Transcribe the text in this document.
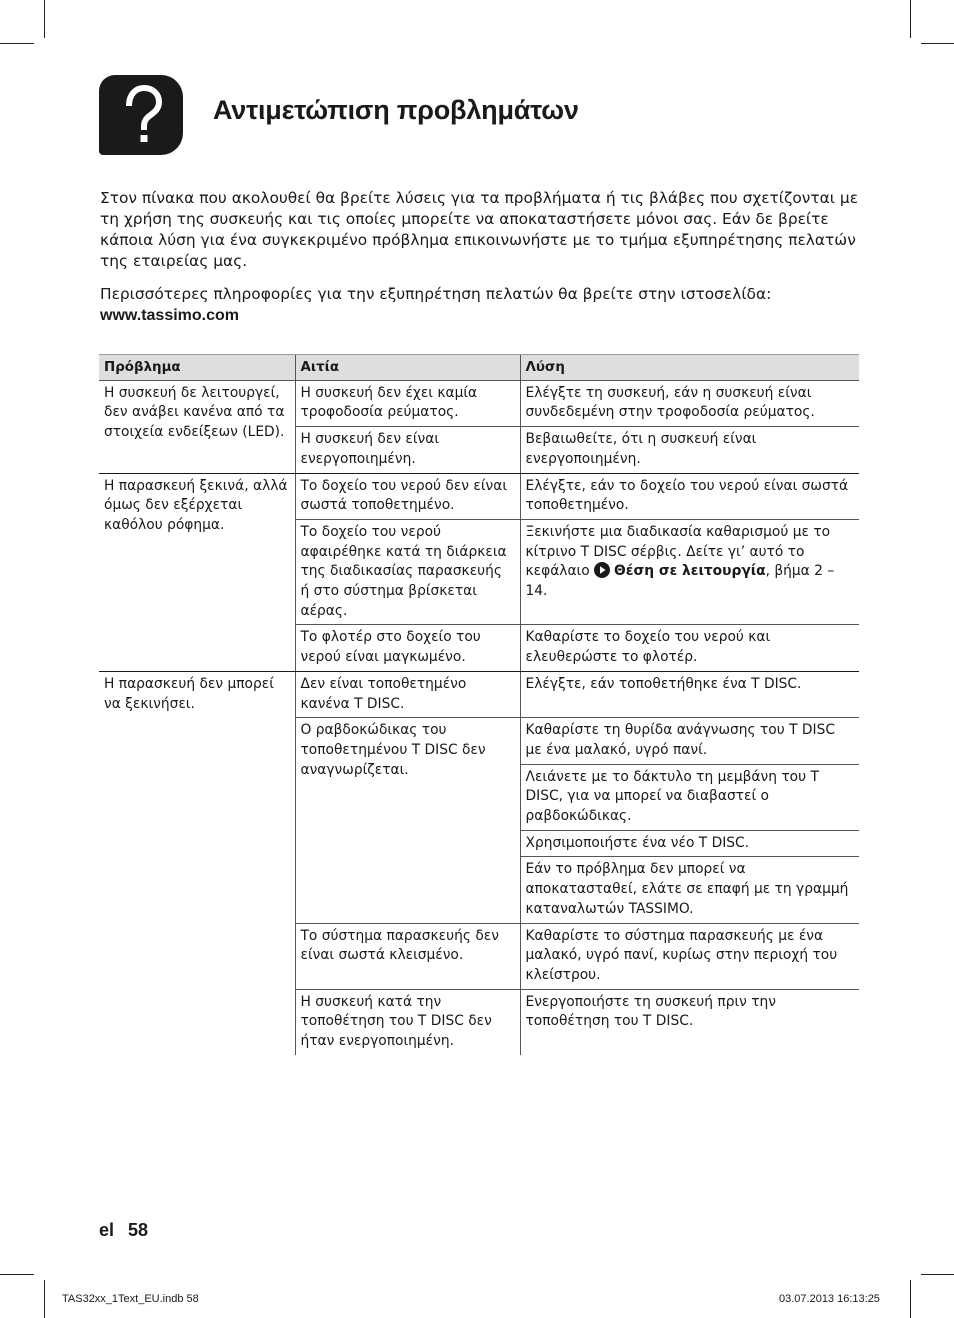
Αντιμετώπιση προβλημάτων

Στον πίνακα που ακολουθεί θα βρείτε λύσεις για τα προβλήματα ή τις βλάβες που σχετίζονται με τη χρήση της συσκευής και τις οποίες μπορείτε να αποκαταστήσετε μόνοι σας. Εάν δε βρείτε κάποια λύση για ένα συγκεκριμένο πρόβλημα επικοινωνήστε με το τμήμα εξυπηρέτησης πελατών της εταιρείας μας.

Περισσότερες πληροφορίες για την εξυπηρέτηση πελατών θα βρείτε στην ιστοσελίδα:
www.tassimo.com

Πρόβλημα	Αιτία	Λύση
Η συσκευή δε λειτουργεί, δεν ανάβει κανένα από τα στοιχεία ενδείξεων (LED).	Η συσκευή δεν έχει καμία τροφοδοσία ρεύματος.	Ελέγξτε τη συσκευή, εάν η συσκευή είναι συνδεδεμένη στην τροφοδοσία ρεύματος.
	Η συσκευή δεν είναι ενεργοποιημένη.	Βεβαιωθείτε, ότι η συσκευή είναι ενεργοποιημένη.
Η παρασκευή ξεκινά, αλλά όμως δεν εξέρχεται καθόλου ρόφημα.	Το δοχείο του νερού δεν είναι σωστά τοποθετημένο.	Ελέγξτε, εάν το δοχείο του νερού είναι σωστά τοποθετημένο.
	Το δοχείο του νερού αφαιρέθηκε κατά τη διάρκεια της διαδικασίας παρασκευής ή στο σύστημα βρίσκεται αέρας.	Ξεκινήστε μια διαδικασία καθαρισμού με το κίτρινο T DISC σέρβις. Δείτε γι’ αυτό το κεφάλαιο Θέση σε λειτουργία, βήμα 2 – 14.
	Το φλοτέρ στο δοχείο του νερού είναι μαγκωμένο.	Καθαρίστε το δοχείο του νερού και ελευθερώστε το φλοτέρ.
Η παρασκευή δεν μπορεί να ξεκινήσει.	Δεν είναι τοποθετημένο κανένα T DISC.	Ελέγξτε, εάν τοποθετήθηκε ένα T DISC.
	Ο ραβδοκώδικας του τοποθετημένου T DISC δεν αναγνωρίζεται.	Καθαρίστε τη θυρίδα ανάγνωσης του T DISC με ένα μαλακό, υγρό πανί.
		Λειάνετε με το δάκτυλο τη μεμβάνη του T DISC, για να μπορεί να διαβαστεί ο ραβδοκώδικας.
		Χρησιμοποιήστε ένα νέο T DISC.
		Εάν το πρόβλημα δεν μπορεί να αποκατασταθεί, ελάτε σε επαφή με τη γραμμή καταναλωτών TASSIMO.
	Το σύστημα παρασκευής δεν είναι σωστά κλεισμένο.	Καθαρίστε το σύστημα παρασκευής με ένα μαλακό, υγρό πανί, κυρίως στην περιοχή του κλείστρου.
	Η συσκευή κατά την τοποθέτηση του T DISC δεν ήταν ενεργοποιημένη.	Ενεργοποιήστε τη συσκευή πριν την τοποθέτηση του T DISC.
el 58
TAS32xx_1Text_EU.indb 58	03.07.2013 16:13:25
